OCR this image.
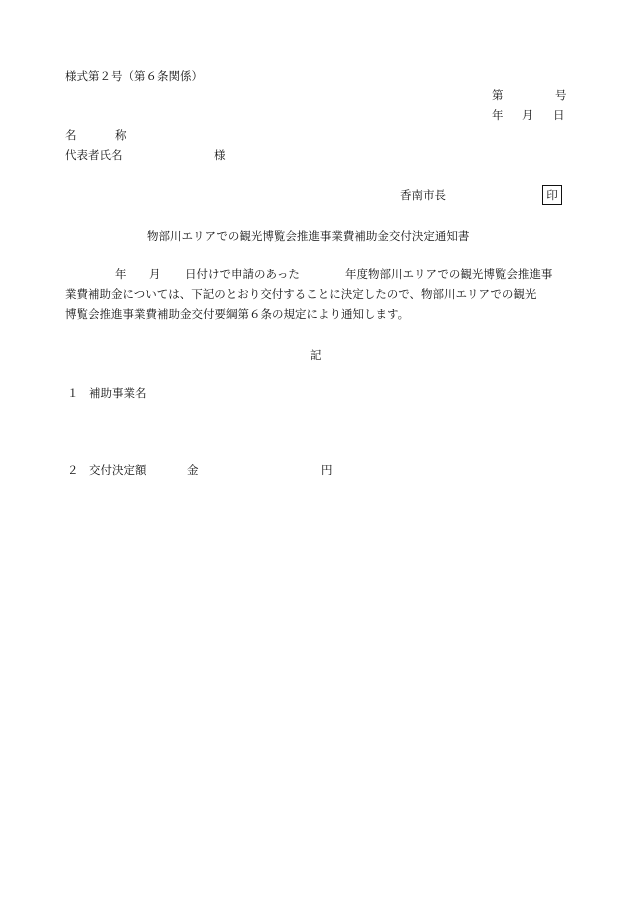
様式第２号（第６条関係）
第	号
年 月 日
名	称
代表者氏名	様
香南市長	印
物部川エリアでの観光博覧会推進事業費補助金交付決定通知書
年 月 日付けで申請のあった	年度物部川エリアでの観光博覧会推進事
業費補助金については、下記のとおり交付することに決定したので、物部川エリアでの観光
博覧会推進事業費補助金交付要綱第６条の規定により通知します。
記
１ 補助事業名
２ 交付決定額	金	円
